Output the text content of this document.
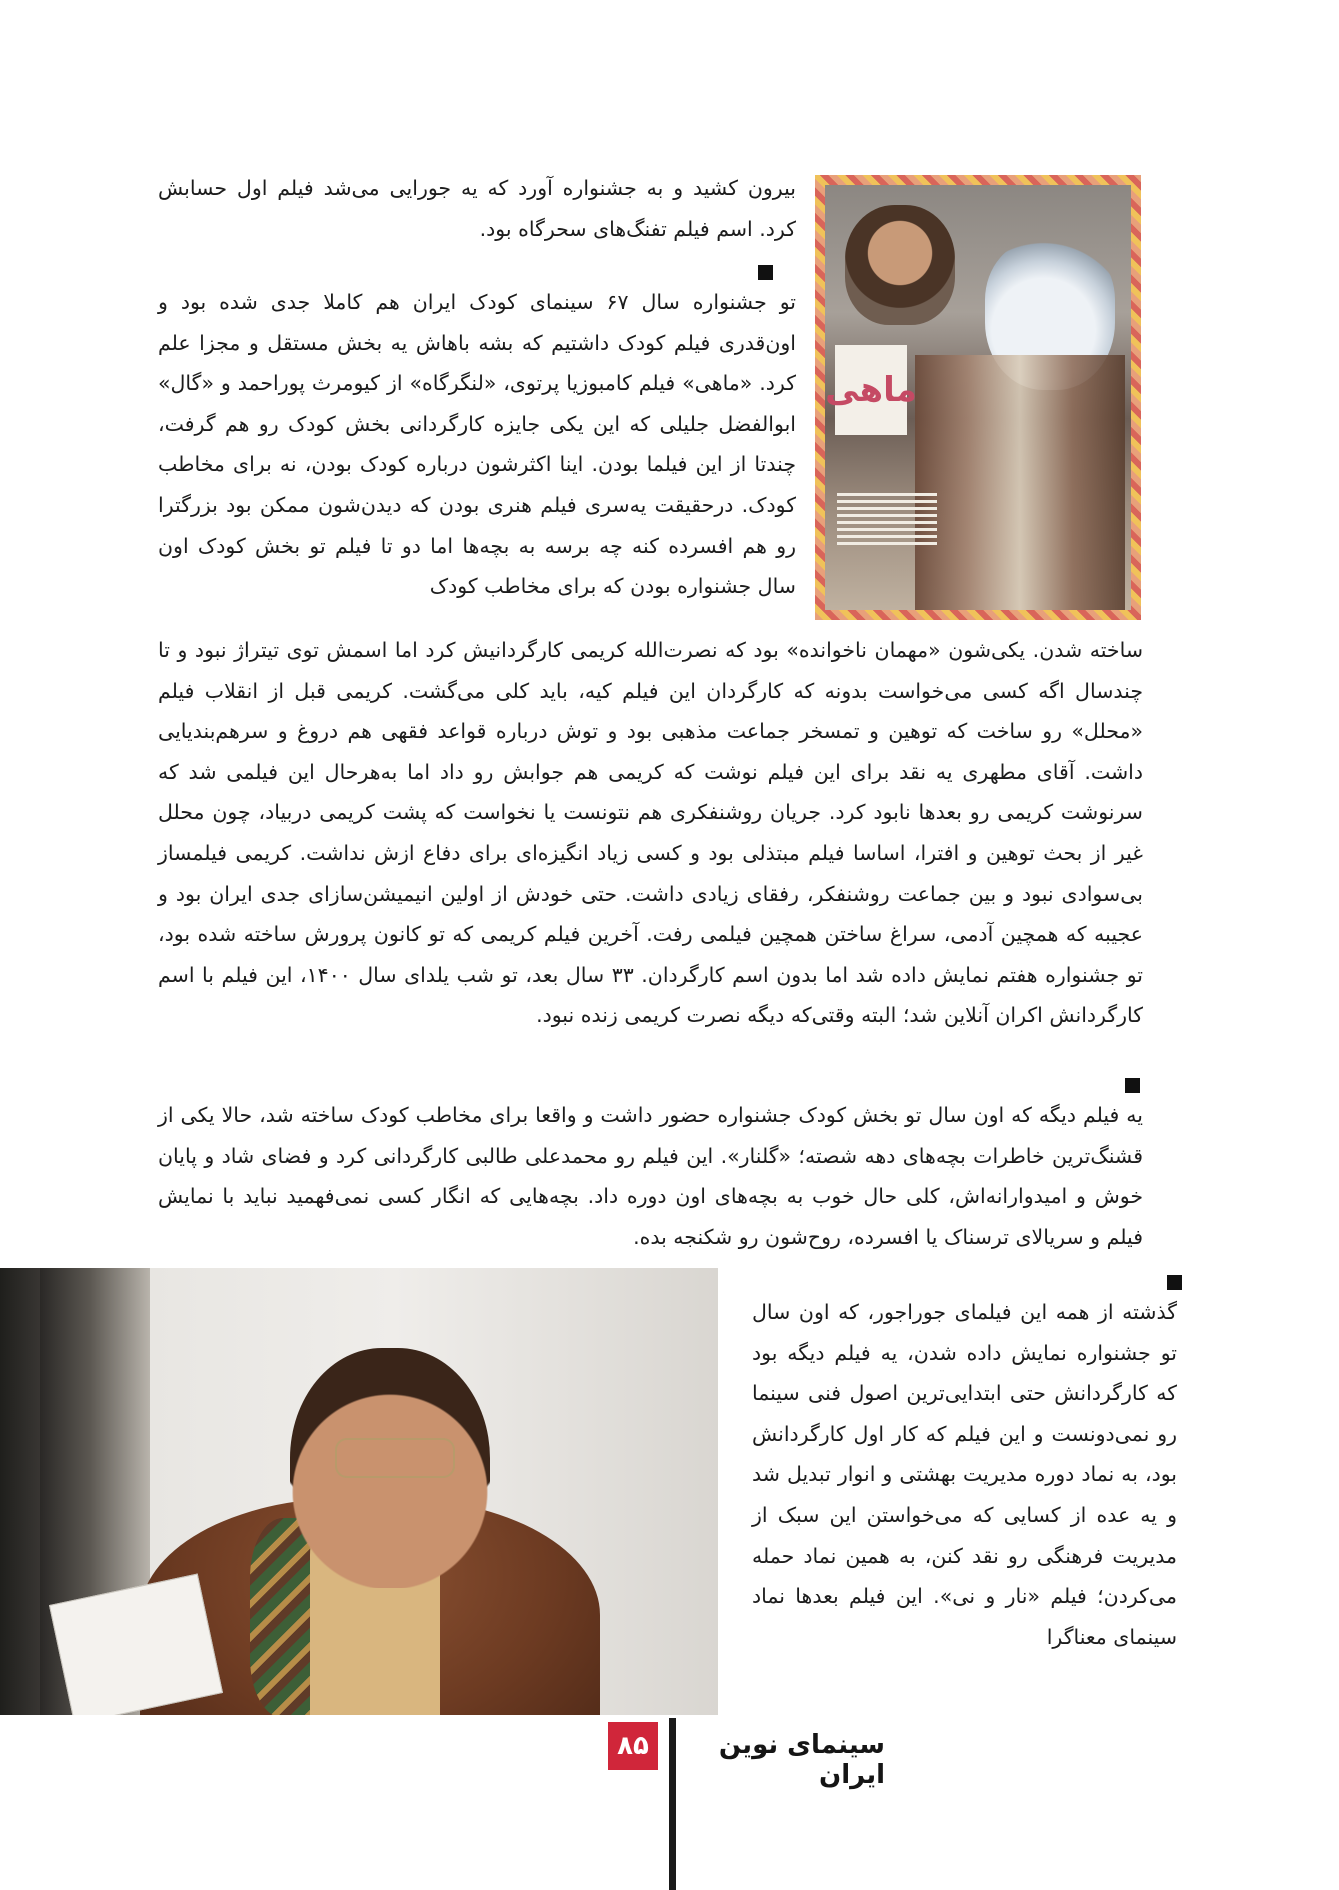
بیرون کشید و به جشنواره آورد که یه جورایی می‌شد فیلم اول حسابش کرد. اسم فیلم تفنگ‌های سحرگاه بود.

تو جشنواره سال ۶۷ سینمای کودک ایران هم کاملا جدی شده بود و اون‌قدری فیلم کودک داشتیم که بشه باهاش یه بخش مستقل و مجزا علم کرد. «ماهی» فیلم کامبوزیا پرتوی، «لنگرگاه» از کیومرث پوراحمد و «گال» ابوالفضل جلیلی که این یکی جایزه کارگردانی بخش کودک رو هم گرفت، چندتا از این فیلما بودن. اینا اکثرشون درباره کودک بودن، نه برای مخاطب کودک. درحقیقت یه‌سری فیلم هنری بودن که دیدن‌شون ممکن بود بزرگترا رو هم افسرده کنه چه برسه به بچه‌ها اما دو تا فیلم تو بخش کودک اون سال جشنواره بودن که برای مخاطب کودک

ماهی

ساخته شدن. یکی‌شون «مهمان ناخوانده» بود که نصرت‌الله کریمی کارگردانیش کرد اما اسمش توی تیتراژ نبود و تا چندسال اگه کسی می‌خواست بدونه که کارگردان این فیلم کیه، باید کلی می‌گشت. کریمی قبل از انقلاب فیلم «محلل» رو ساخت که توهین و تمسخر جماعت مذهبی بود و توش درباره قواعد فقهی هم دروغ و سرهم‌بندیایی داشت. آقای مطهری یه نقد برای این فیلم نوشت که کریمی هم جوابش رو داد اما به‌هرحال این فیلمی شد که سرنوشت کریمی رو بعدها نابود کرد. جریان روشنفکری هم نتونست یا نخواست که پشت کریمی دربیاد، چون محلل غیر از بحث توهین و افترا، اساسا فیلم مبتذلی بود و کسی زیاد انگیزه‌ای برای دفاع ازش نداشت. کریمی فیلمساز بی‌سوادی نبود و بین جماعت روشنفکر، رفقای زیادی داشت. حتی خودش از اولین انیمیشن‌سازای جدی ایران بود و عجیبه که همچین آدمی، سراغ ساختن همچین فیلمی رفت. آخرین فیلم کریمی که تو کانون پرورش ساخته شده بود، تو جشنواره هفتم نمایش داده شد اما بدون اسم کارگردان. ۳۳ سال بعد، تو شب یلدای سال ۱۴۰۰، این فیلم با اسم کارگردانش اکران آنلاین شد؛ البته وقتی‌که دیگه نصرت کریمی زنده نبود.

یه فیلم دیگه که اون سال تو بخش کودک جشنواره حضور داشت و واقعا برای مخاطب کودک ساخته شد، حالا یکی از قشنگ‌ترین خاطرات بچه‌های دهه شصته؛ «گلنار». این فیلم رو محمدعلی طالبی کارگردانی کرد و فضای شاد و پایان خوش و امیدوارانه‌اش، کلی حال خوب به بچه‌های اون دوره داد. بچه‌هایی که انگار کسی نمی‌فهمید نباید با نمایش فیلم و سریالای ترسناک یا افسرده، روح‌شون رو شکنجه بده.

گذشته از همه این فیلمای جوراجور، که اون سال تو جشنواره نمایش داده شدن، یه فیلم دیگه بود که کارگردانش حتی ابتدایی‌ترین اصول فنی سینما رو نمی‌دونست و این فیلم که کار اول کارگردانش بود، به نماد دوره مدیریت بهشتی و انوار تبدیل شد و یه عده از کسایی که می‌خواستن این سبک از مدیریت فرهنگی رو نقد کنن، به همین نماد حمله می‌کردن؛ فیلم «نار و نی». این فیلم بعدها نماد سینمای معناگرا

سینمای نوین ایران
۸۵
